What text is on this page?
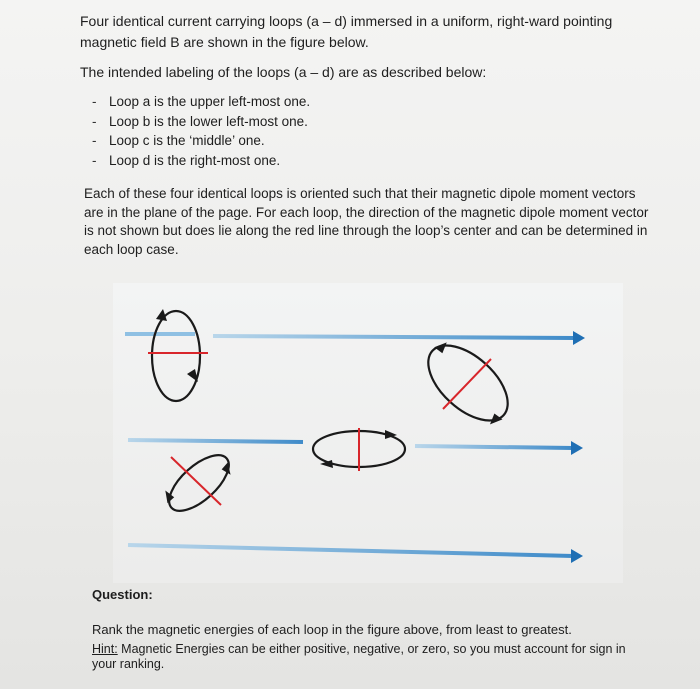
Four identical current carrying loops (a – d) immersed in a uniform, right-ward pointing
magnetic field B are shown in the figure below.
The intended labeling of the loops (a – d) are as described below:
- Loop a is the upper left-most one.
- Loop b is the lower left-most one.
- Loop c is the ‘middle’ one.
- Loop d is the right-most one.
Each of these four identical loops is oriented such that their magnetic dipole moment vectors are in the plane of the page. For each loop, the direction of the magnetic dipole moment vector is not shown but does lie along the red line through the loop’s center and can be determined in each loop case.
Question:
Rank the magnetic energies of each loop in the figure above, from least to greatest.
Hint: Magnetic Energies can be either positive, negative, or zero, so you must account for sign in your ranking.
